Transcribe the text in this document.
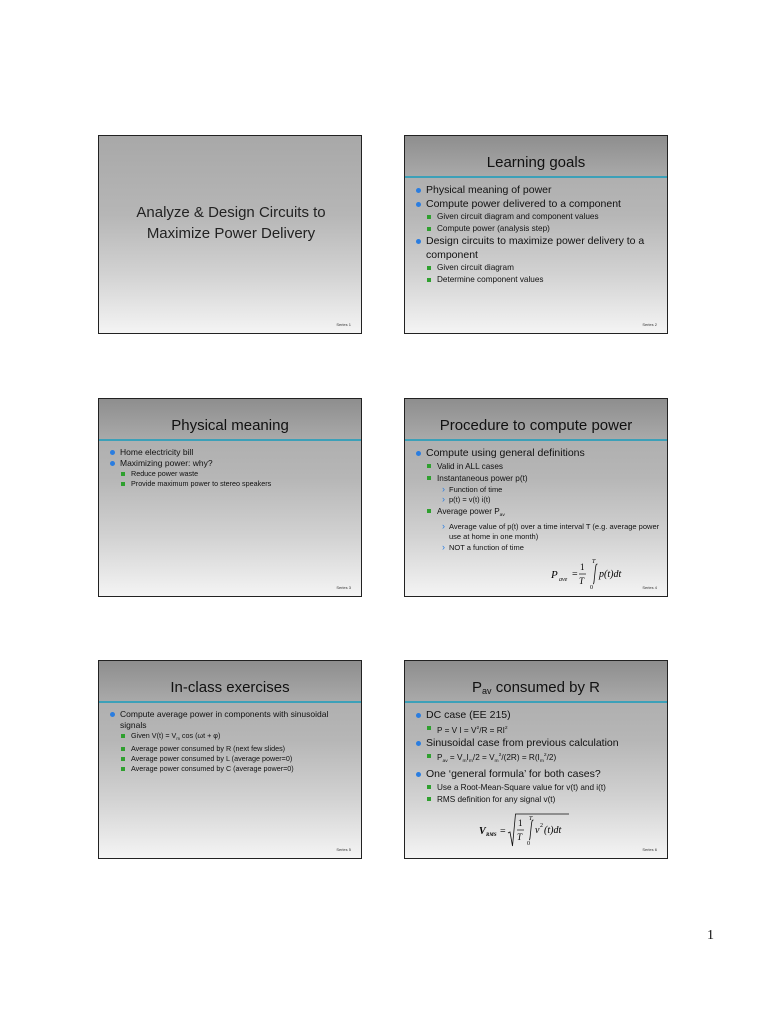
Analyze & Design Circuits to
Maximize Power Delivery
Series 1
Learning goals
Physical meaning of power
Compute power delivered to a component
Given circuit diagram and component values
Compute power (analysis step)
Design circuits to maximize power delivery to a component
Given circuit diagram
Determine component values
Series 2
Physical meaning
Home electricity bill
Maximizing power: why?
Reduce power waste
Provide maximum power to stereo speakers
Series 3
Procedure to compute power
Compute using general definitions
Valid in ALL cases
Instantaneous power p(t)
› Function of time
› p(t) = v(t) i(t)
Average power $P_{av}$
› Average value of p(t) over a time interval T (e.g. average power use at home in one month)
› NOT a function of time
P ave =
1
T
T
0
p(t)dt
Series 4
In-class exercises
Compute average power in components with sinusoidal signals
Given $V(t) = V_m$ cos (ωt + φ)
Average power consumed by R (next few slides)
Average power consumed by L (average power=0)
Average power consumed by C (average power=0)
Series 5
$P_{av}$ consumed by R
DC case (EE 215)
P = V $I = V^2/R = RI^2$
Sinusoidal case from previous calculation
$P_{av} = V_mI_m/2 = V_m^2/(2R) = R(I_m^2/2)$
One ‘general formula’ for both cases?
Use a Root-Mean-Square value for v(t) and i(t)
RMS definition for any signal v(t)
V RMS =
1
T
T
0
v 2 (t)dt
Series 6
1
